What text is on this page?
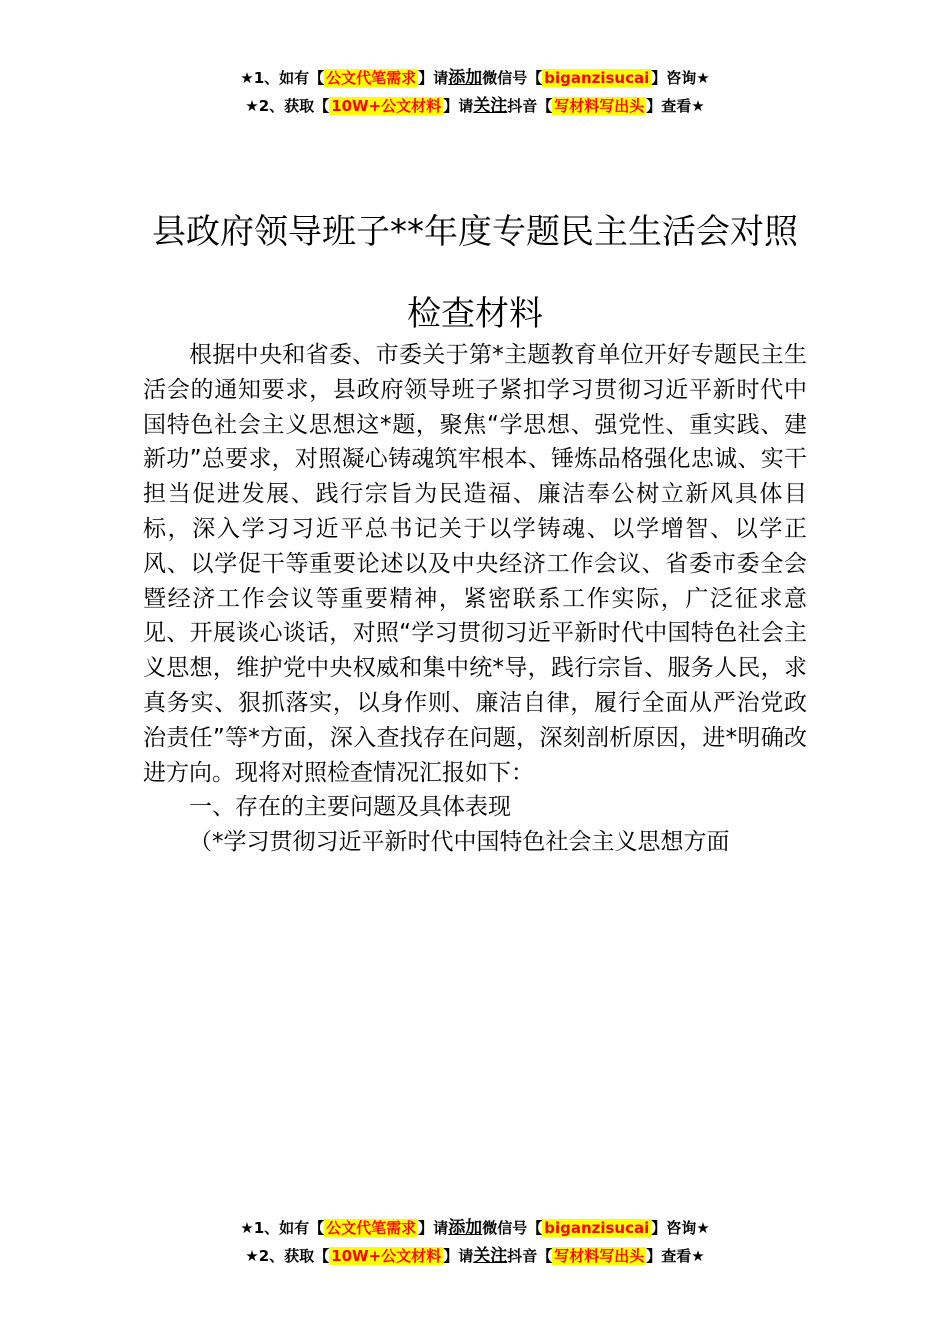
★1、如有【 公文代笔需求 】请添加微信号【 biganzisucai 】咨询★
★2、获取【 10W+公文材料 】请关注抖音【 写材料写出头 】查看★
县政府领导班子**年度专题民主生活会对照检查材料

根据中央和省委、市委关于第*主题教育单位开好专题民主生活会的通知要求，县政府领导班子紧扣学习贯彻习近平新时代中国特色社会主义思想这*题，聚焦“学思想、强党性、重实践、建新功”总要求，对照凝心铸魂筑牢根本、锤炼品格强化忠诚、实干担当促进发展、践行宗旨为民造福、廉洁奉公树立新风具体目标，深入学习习近平总书记关于以学铸魂、以学增智、以学正风、以学促干等重要论述以及中央经济工作会议、省委市委全会暨经济工作会议等重要精神，紧密联系工作实际，广泛征求意见、开展谈心谈话，对照“学习贯彻习近平新时代中国特色社会主义思想，维护党中央权威和集中统*导，践行宗旨、服务人民，求真务实、狠抓落实，以身作则、廉洁自律，履行全面从严治党政治责任”等*方面，深入查找存在问题，深刻剖析原因，进*明确改进方向。现将对照检查情况汇报如下：

一、存在的主要问题及具体表现

（*学习贯彻习近平新时代中国特色社会主义思想方面

★1、如有【 公文代笔需求 】请添加微信号【 biganzisucai 】咨询★
★2、获取【 10W+公文材料 】请关注抖音【 写材料写出头 】查看★
